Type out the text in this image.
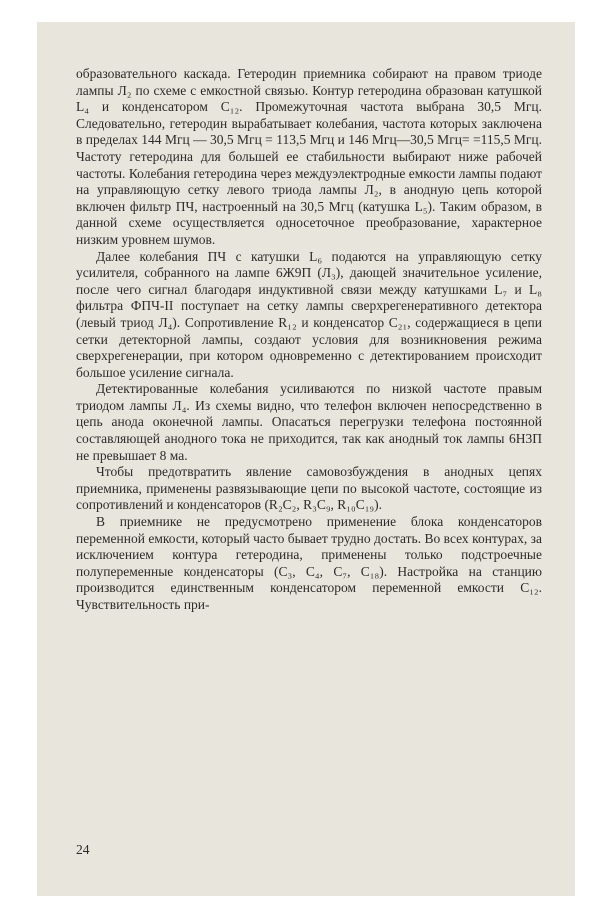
образовательного каскада. Гетеродин приемника собирают на правом триоде лампы Л₂ по схеме с емкостной связью. Контур гетеродина образован катушкой L₄ и конденсатором C₁₂. Промежуточная частота выбрана 30,5 Мгц. Следовательно, гетеродин вырабатывает колебания, частота которых заключена в пределах 144 Мгц — 30,5 Мгц = 113,5 Мгц и 146 Мгц—30,5 Мгц= =115,5 Мгц. Частоту гетеродина для большей ее стабильности выбирают ниже рабочей частоты. Колебания гетеродина через междуэлектродные емкости лампы подают на управляющую сетку левого триода лампы Л₂, в анодную цепь которой включен фильтр ПЧ, настроенный на 30,5 Мгц (катушка L₅). Таким образом, в данной схеме осуществляется односеточное преобразование, характерное низким уровнем шумов.

Далее колебания ПЧ с катушки L₆ подаются на управляющую сетку усилителя, собранного на лампе 6Ж9П (Л₃), дающей значительное усиление, после чего сигнал благодаря индуктивной связи между катушками L₇ и L₈ фильтра ФПЧ-II поступает на сетку лампы сверхрегенеративного детектора (левый триод Л₄). Сопротивление R₁₂ и конденсатор C₂₁, содержащиеся в цепи сетки детекторной лампы, создают условия для возникновения режима сверхрегенерации, при котором одновременно с детектированием происходит большое усиление сигнала.

Детектированные колебания усиливаются по низкой частоте правым триодом лампы Л₄. Из схемы видно, что телефон включен непосредственно в цепь анода оконечной лампы. Опасаться перегрузки телефона постоянной составляющей анодного тока не приходится, так как анодный ток лампы 6Н3П не превышает 8 ма.

Чтобы предотвратить явление самовозбуждения в анодных цепях приемника, применены развязывающие цепи по высокой частоте, состоящие из сопротивлений и конденсаторов (R₂C₂, R₃C₉, R₁₀C₁₉).

В приемнике не предусмотрено применение блока конденсаторов переменной емкости, который часто бывает трудно достать. Во всех контурах, за исключением контура гетеродина, применены только подстроечные полупеременные конденсаторы (C₃, C₄, C₇, C₁₈). Настройка на станцию производится единственным конденсатором переменной емкости C₁₂. Чувствительность при-

24
